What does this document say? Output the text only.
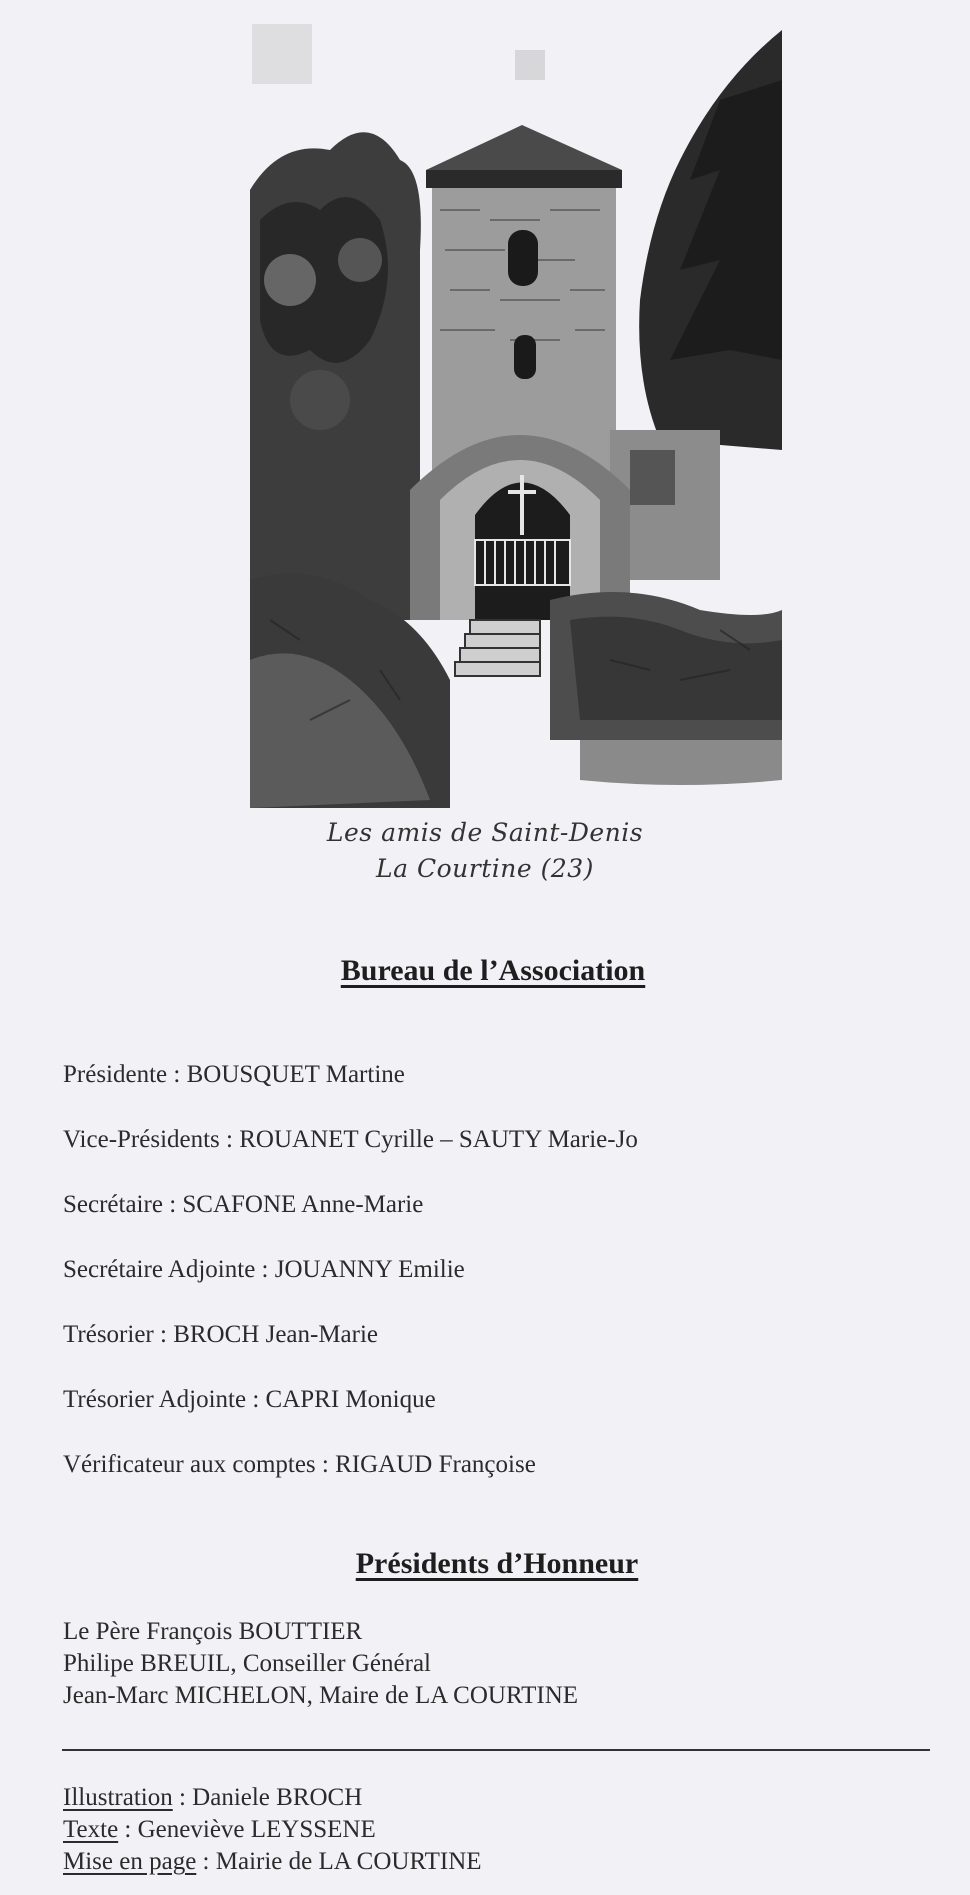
Les amis de Saint-Denis
La Courtine (23)
Bureau de l’Association
Présidente : BOUSQUET Martine
Vice-Présidents : ROUANET Cyrille – SAUTY Marie-Jo
Secrétaire : SCAFONE Anne-Marie
Secrétaire Adjointe : JOUANNY Emilie
Trésorier : BROCH Jean-Marie
Trésorier Adjointe : CAPRI Monique
Vérificateur aux comptes : RIGAUD Françoise
Présidents d’Honneur
Le Père François BOUTTIER
Philipe BREUIL, Conseiller Général
Jean-Marc MICHELON, Maire de LA COURTINE
Illustration : Daniele BROCH
Texte : Geneviève LEYSSENE
Mise en page : Mairie de LA COURTINE
